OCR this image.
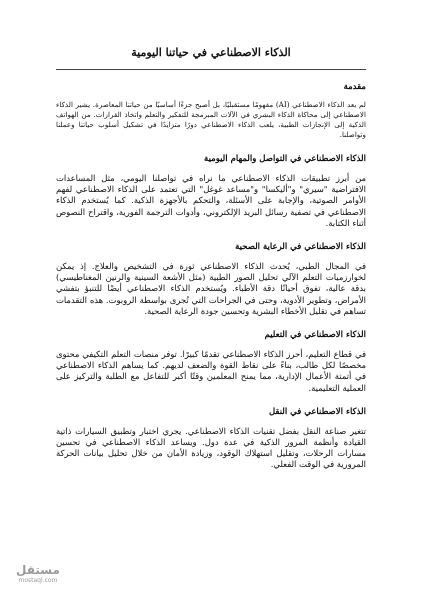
الذكاء الاصطناعي في حياتنا اليومية
مقدمة
لم يعد الذكاء الاصطناعي (AI) مفهومًا مستقبليًا، بل أصبح جزءًا أساسيًا من حياتنا المعاصرة. يشير الذكاء الاصطناعي إلى محاكاة الذكاء البشري في الآلات المبرمجة للتفكير والتعلم واتخاذ القرارات. من الهواتف الذكية إلى الإنجازات الطبية، يلعب الذكاء الاصطناعي دورًا متزايدًا في تشكيل أسلوب حياتنا وعملنا وتواصلنا.
الذكاء الاصطناعي في التواصل والمهام اليومية
من أبرز تطبيقات الذكاء الاصطناعي ما نراه في تواصلنا اليومي، مثل المساعدات الافتراضية "سيري" و"أليكسا" و"مساعد غوغل" التي تعتمد على الذكاء الاصطناعي لفهم الأوامر الصوتية، والإجابة على الأسئلة، والتحكم بالأجهزة الذكية. كما يُستخدم الذكاء الاصطناعي في تصفية رسائل البريد الإلكتروني، وأدوات الترجمة الفورية، واقتراح النصوص أثناء الكتابة.
الذكاء الاصطناعي في الرعاية الصحية
في المجال الطبي، يُحدث الذكاء الاصطناعي ثورة في التشخيص والعلاج. إذ يمكن لخوارزميات التعلم الآلي تحليل الصور الطبية (مثل الأشعة السينية والرنين المغناطيسي) بدقة عالية، تفوق أحيانًا دقة الأطباء. ويُستخدم الذكاء الاصطناعي أيضًا للتنبؤ بتفشي الأمراض، وتطوير الأدوية، وحتى في الجراحات التي تُجرى بواسطة الروبوت. هذه التقدمات تساهم في تقليل الأخطاء البشرية وتحسين جودة الرعاية الصحية.
الذكاء الاصطناعي في التعليم
في قطاع التعليم، أحرز الذكاء الاصطناعي تقدمًا كبيرًا. توفر منصات التعلم التكيفي محتوى مخصصًا لكل طالب، بناءً على نقاط القوة والضعف لديهم. كما يساهم الذكاء الاصطناعي في أتمتة الأعمال الإدارية، مما يمنح المعلمين وقتًا أكبر للتفاعل مع الطلبة والتركيز على العملية التعليمية.
الذكاء الاصطناعي في النقل
تتغير صناعة النقل بفضل تقنيات الذكاء الاصطناعي. يجري اختبار وتطبيق السيارات ذاتية القيادة وأنظمة المرور الذكية في عدة دول. ويساعد الذكاء الاصطناعي في تحسين مسارات الرحلات، وتقليل استهلاك الوقود، وزيادة الأمان من خلال تحليل بيانات الحركة المرورية في الوقت الفعلي.
مستقل
mostaql.com
